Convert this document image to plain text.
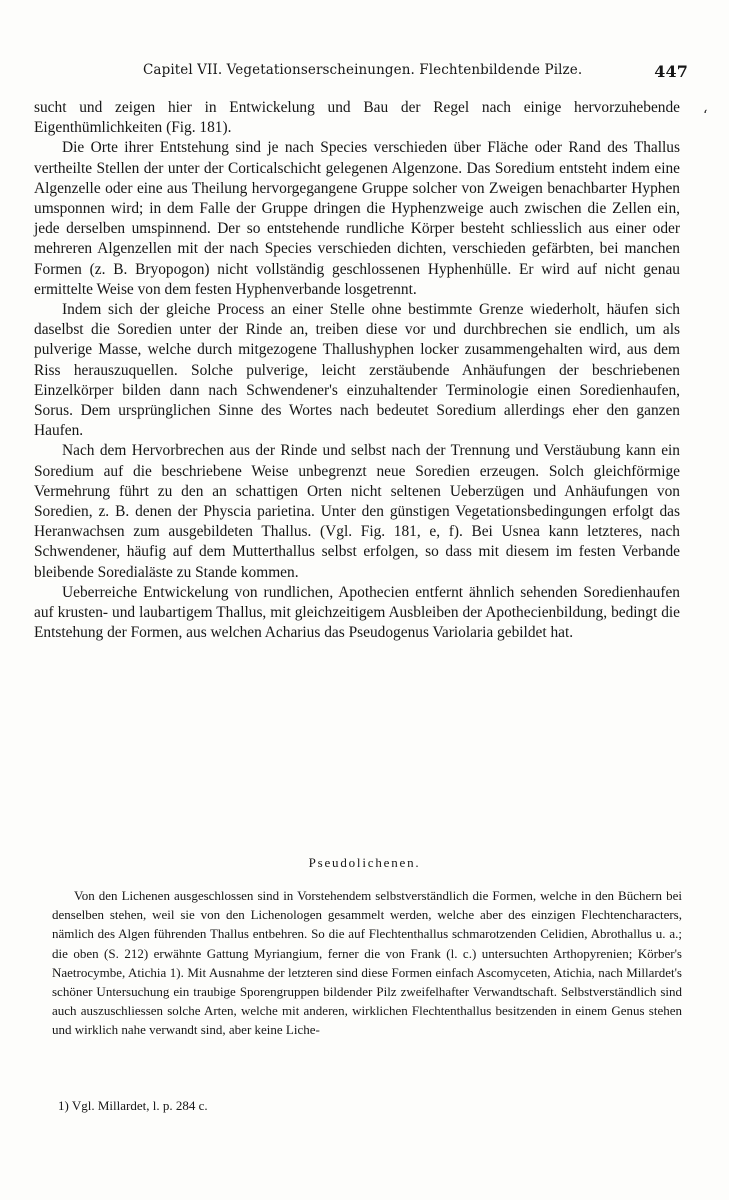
Capitel VII. Vegetationserscheinungen. Flechtenbildende Pilze.	447
ʻ

sucht und zeigen hier in Entwickelung und Bau der Regel nach einige hervorzuhebende Eigenthümlichkeiten (Fig. 181).

Die Orte ihrer Entstehung sind je nach Species verschieden über Fläche oder Rand des Thallus vertheilte Stellen der unter der Corticalschicht gelegenen Algenzone. Das Soredium entsteht indem eine Algenzelle oder eine aus Theilung hervorgegangene Gruppe solcher von Zweigen benachbarter Hyphen umsponnen wird; in dem Falle der Gruppe dringen die Hyphenzweige auch zwischen die Zellen ein, jede derselben umspinnend. Der so entstehende rundliche Körper besteht schliesslich aus einer oder mehreren Algenzellen mit der nach Species verschieden dichten, verschieden gefärbten, bei manchen Formen (z. B. Bryopogon) nicht vollständig geschlossenen Hyphenhülle. Er wird auf nicht genau ermittelte Weise von dem festen Hyphenverbande losgetrennt.

Indem sich der gleiche Process an einer Stelle ohne bestimmte Grenze wiederholt, häufen sich daselbst die Soredien unter der Rinde an, treiben diese vor und durchbrechen sie endlich, um als pulverige Masse, welche durch mitgezogene Thallushyphen locker zusammengehalten wird, aus dem Riss herauszuquellen. Solche pulverige, leicht zerstäubende Anhäufungen der beschriebenen Einzelkörper bilden dann nach Schwendener's einzuhaltender Terminologie einen Soredienhaufen, Sorus. Dem ursprünglichen Sinne des Wortes nach bedeutet Soredium allerdings eher den ganzen Haufen.

Nach dem Hervorbrechen aus der Rinde und selbst nach der Trennung und Verstäubung kann ein Soredium auf die beschriebene Weise unbegrenzt neue Soredien erzeugen. Solch gleichförmige Vermehrung führt zu den an schattigen Orten nicht seltenen Ueberzügen und Anhäufungen von Soredien, z. B. denen der Physcia parietina. Unter den günstigen Vegetationsbedingungen erfolgt das Heranwachsen zum ausgebildeten Thallus. (Vgl. Fig. 181, e, f). Bei Usnea kann letzteres, nach Schwendener, häufig auf dem Mutterthallus selbst erfolgen, so dass mit diesem im festen Verbande bleibende Soredialäste zu Stande kommen.

Ueberreiche Entwickelung von rundlichen, Apothecien entfernt ähnlich sehenden Soredienhaufen auf krusten- und laubartigem Thallus, mit gleichzeitigem Ausbleiben der Apothecienbildung, bedingt die Entstehung der Formen, aus welchen Acharius das Pseudogenus Variolaria gebildet hat.

Pseudolichenen.

Von den Lichenen ausgeschlossen sind in Vorstehendem selbstverständlich die Formen, welche in den Büchern bei denselben stehen, weil sie von den Lichenologen gesammelt werden, welche aber des einzigen Flechtencharacters, nämlich des Algen führenden Thallus entbehren. So die auf Flechtenthallus schmarotzenden Celidien, Abrothallus u. a.; die oben (S. 212) erwähnte Gattung Myriangium, ferner die von Frank (l. c.) untersuchten Arthopyrenien; Körber's Naetrocymbe, Atichia 1). Mit Ausnahme der letzteren sind diese Formen einfach Ascomyceten, Atichia, nach Millardet's schöner Untersuchung ein traubige Sporengruppen bildender Pilz zweifelhafter Verwandtschaft. Selbstverständlich sind auch auszuschliessen solche Arten, welche mit anderen, wirklichen Flechtenthallus besitzenden in einem Genus stehen und wirklich nahe verwandt sind, aber keine Liche-

1) Vgl. Millardet, l. p. 284 c.
